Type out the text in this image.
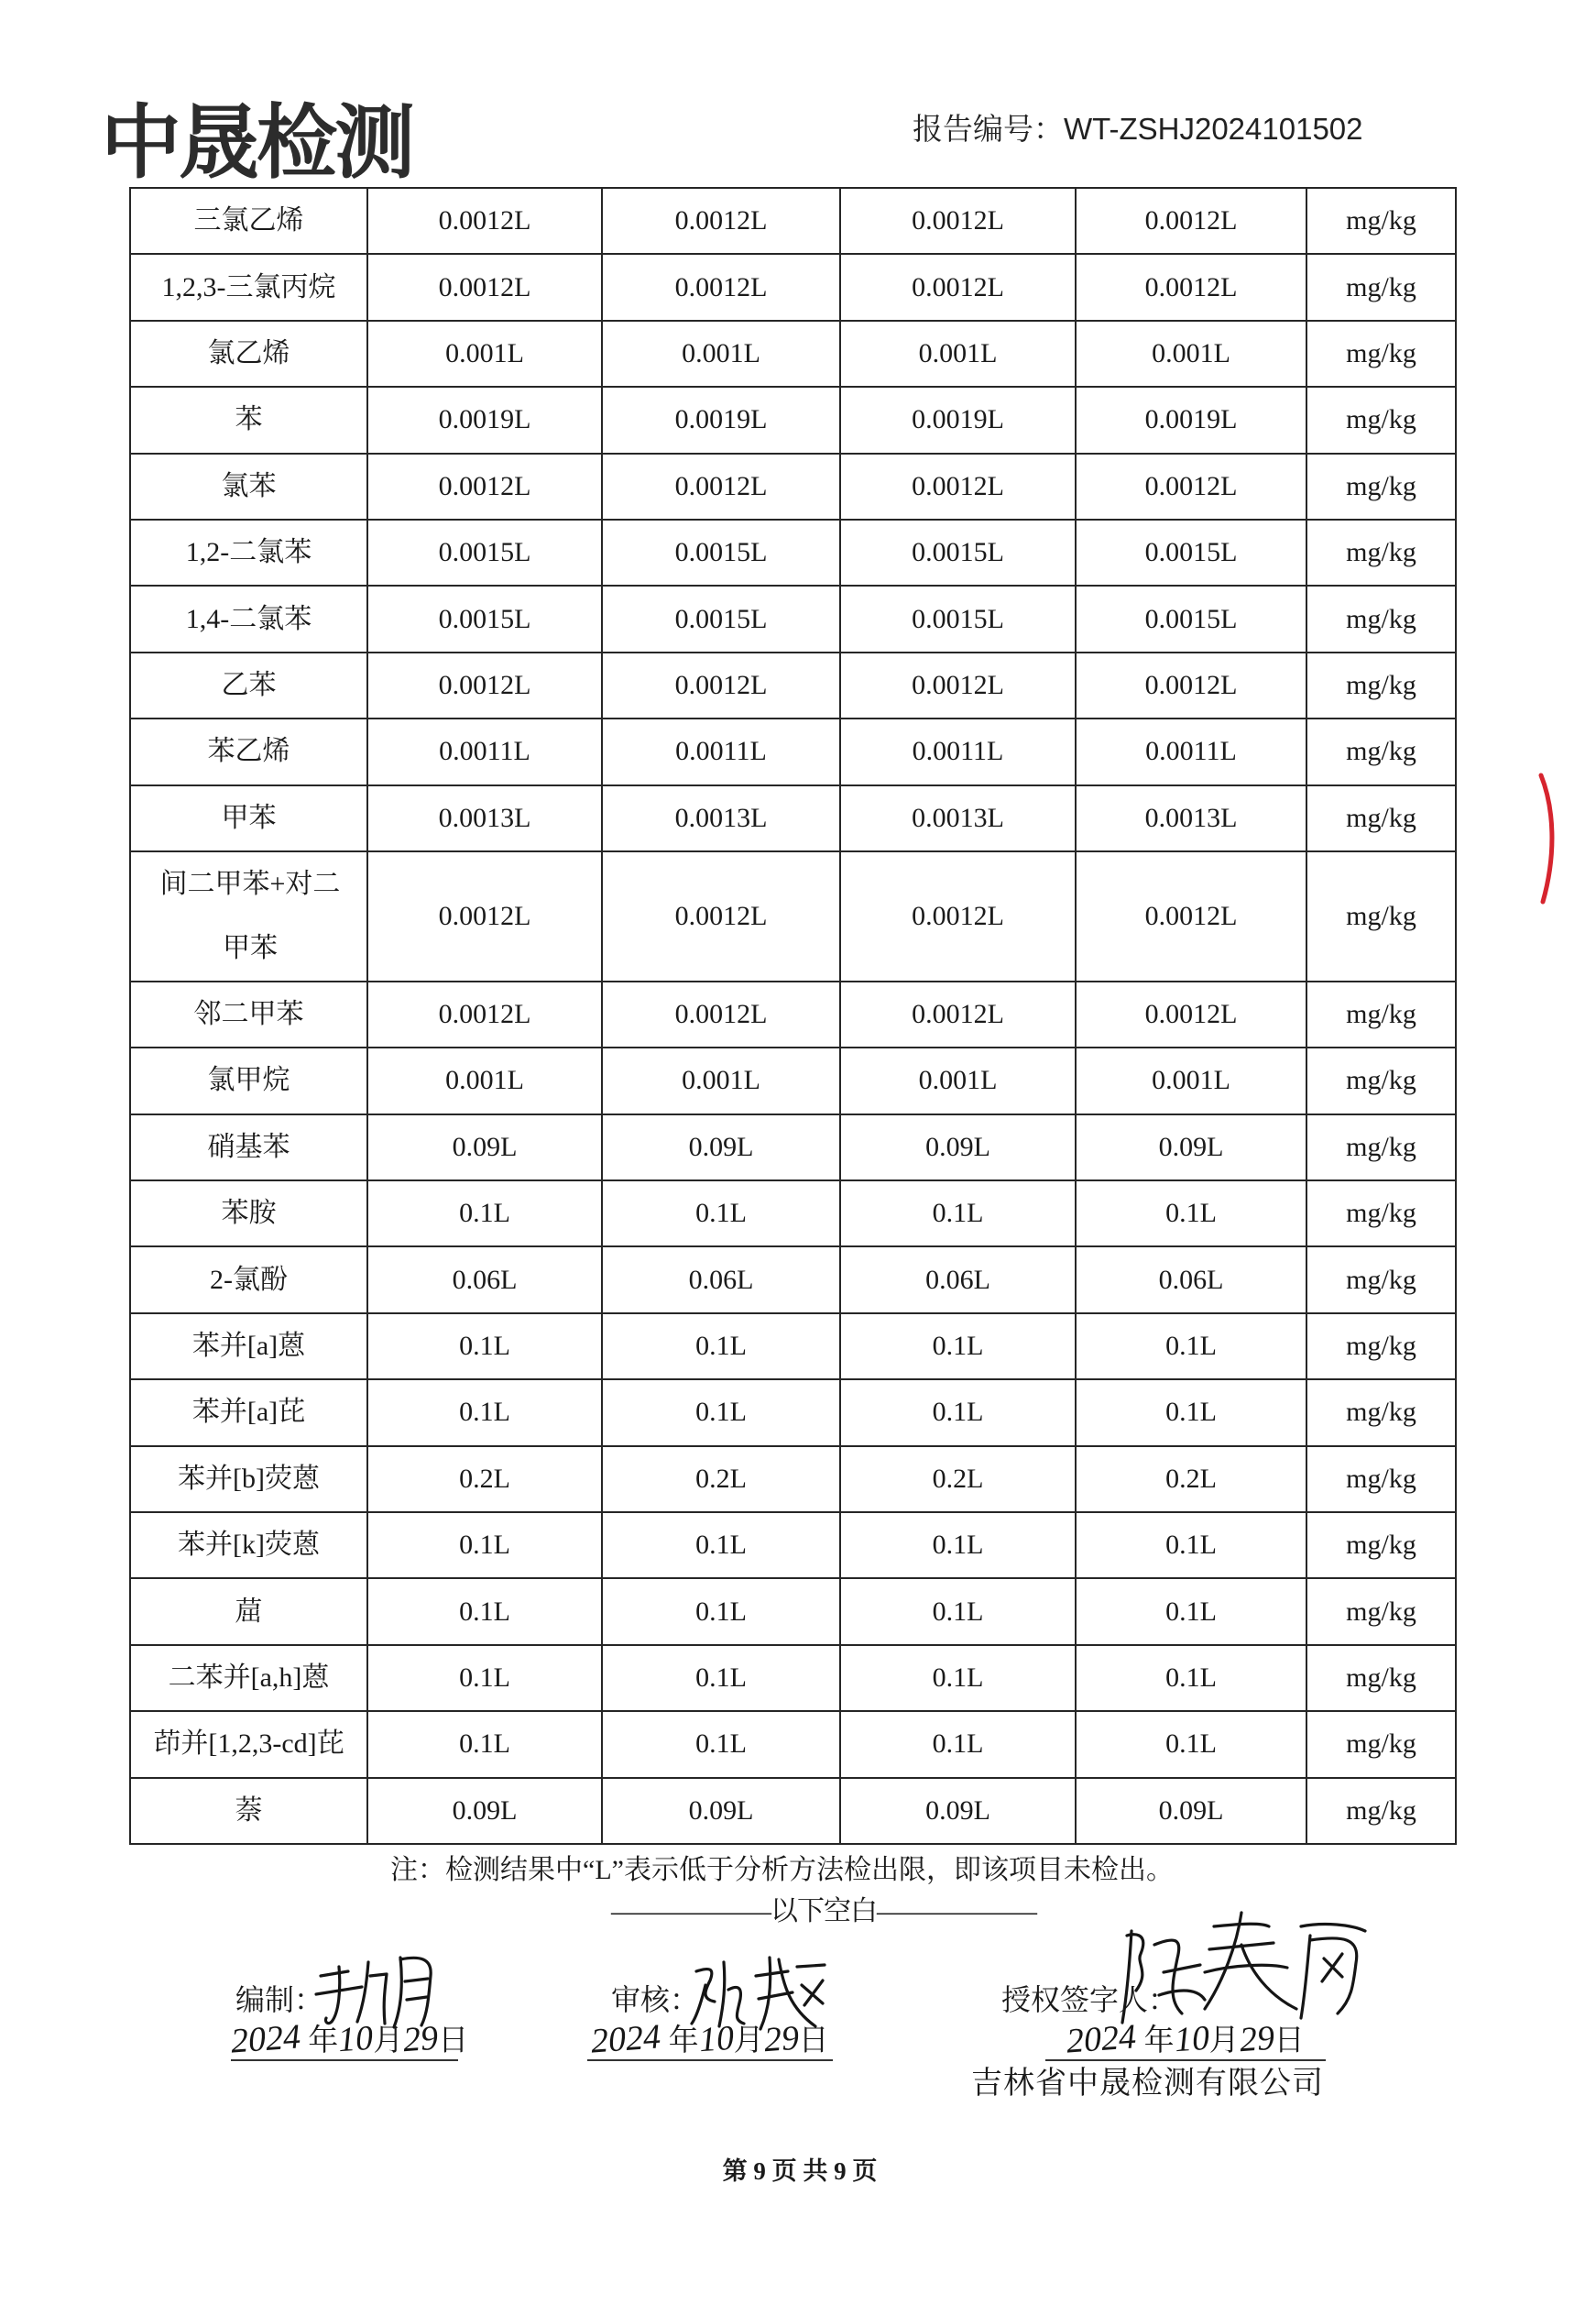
中晟检测	报告编号：WT-ZSHJ2024101502
三氯乙烯	0.0012L	0.0012L	0.0012L	0.0012L	mg/kg
1,2,3-三氯丙烷	0.0012L	0.0012L	0.0012L	0.0012L	mg/kg
氯乙烯	0.001L	0.001L	0.001L	0.001L	mg/kg
苯	0.0019L	0.0019L	0.0019L	0.0019L	mg/kg
氯苯	0.0012L	0.0012L	0.0012L	0.0012L	mg/kg
1,2-二氯苯	0.0015L	0.0015L	0.0015L	0.0015L	mg/kg
1,4-二氯苯	0.0015L	0.0015L	0.0015L	0.0015L	mg/kg
乙苯	0.0012L	0.0012L	0.0012L	0.0012L	mg/kg
苯乙烯	0.0011L	0.0011L	0.0011L	0.0011L	mg/kg
甲苯	0.0013L	0.0013L	0.0013L	0.0013L	mg/kg
间二甲苯+对二甲苯	0.0012L	0.0012L	0.0012L	0.0012L	mg/kg
邻二甲苯	0.0012L	0.0012L	0.0012L	0.0012L	mg/kg
氯甲烷	0.001L	0.001L	0.001L	0.001L	mg/kg
硝基苯	0.09L	0.09L	0.09L	0.09L	mg/kg
苯胺	0.1L	0.1L	0.1L	0.1L	mg/kg
2-氯酚	0.06L	0.06L	0.06L	0.06L	mg/kg
苯并[a]蒽	0.1L	0.1L	0.1L	0.1L	mg/kg
苯并[a]芘	0.1L	0.1L	0.1L	0.1L	mg/kg
苯并[b]荧蒽	0.2L	0.2L	0.2L	0.2L	mg/kg
苯并[k]荧蒽	0.1L	0.1L	0.1L	0.1L	mg/kg
䓛	0.1L	0.1L	0.1L	0.1L	mg/kg
二苯并[a,h]蒽	0.1L	0.1L	0.1L	0.1L	mg/kg
茚并[1,2,3-cd]芘	0.1L	0.1L	0.1L	0.1L	mg/kg
萘	0.09L	0.09L	0.09L	0.09L	mg/kg
注：检测结果中“L”表示低于分析方法检出限，即该项目未检出。
——————以下空白——————
编制：
2024 年10月29日
审核：
2024 年10月29日
授权签字人：
2024 年10月29日
吉林省中晟检测有限公司
第 9 页 共 9 页
